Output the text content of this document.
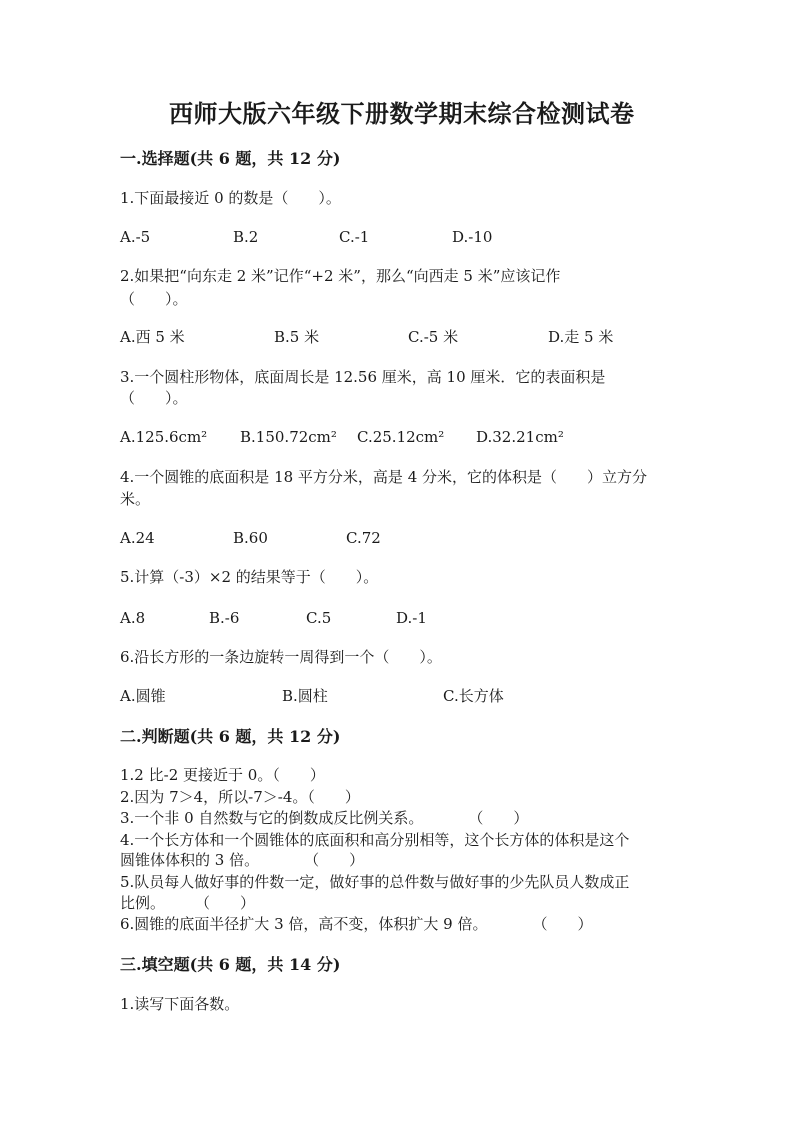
西师大版六年级下册数学期末综合检测试卷
一.选择题(共 6 题，共 12 分)
1.下面最接近 0 的数是（　　）。
A.-5	B.2	C.-1	D.-10
2.如果把“向东走 2 米”记作“+2 米”，那么“向西走 5 米”应该记作
（　　）。
A.西 5 米	B.5 米	C.-5 米	D.走 5 米
3.一个圆柱形物体，底面周长是 12.56 厘米，高 10 厘米．它的表面积是
（　　）。
A.125.6cm² B.150.72cm² C.25.12cm² D.32.21cm²
4.一个圆锥的底面积是 18 平方分米，高是 4 分米，它的体积是（　　）立方分
米。
A.24	B.60	C.72
5.计算（-3）×2 的结果等于（　　）。
A.8	B.-6	C.5	D.-1
6.沿长方形的一条边旋转一周得到一个（　　）。
A.圆锥	B.圆柱	C.长方体
二.判断题(共 6 题，共 12 分)
1.2 比-2 更接近于 0。（　　）
2.因为 7＞4，所以-7＞-4。（　　）
3.一个非 0 自然数与它的倒数成反比例关系。　　　　（　　）
4.一个长方体和一个圆锥体的底面积和高分别相等，这个长方体的体积是这个
圆锥体体积的 3 倍。　　　　（　　）
5.队员每人做好事的件数一定，做好事的总件数与做好事的少先队员人数成正
比例。　　　（　　）
6.圆锥的底面半径扩大 3 倍，高不变，体积扩大 9 倍。　　　　（　　）
三.填空题(共 6 题，共 14 分)
1.读写下面各数。
